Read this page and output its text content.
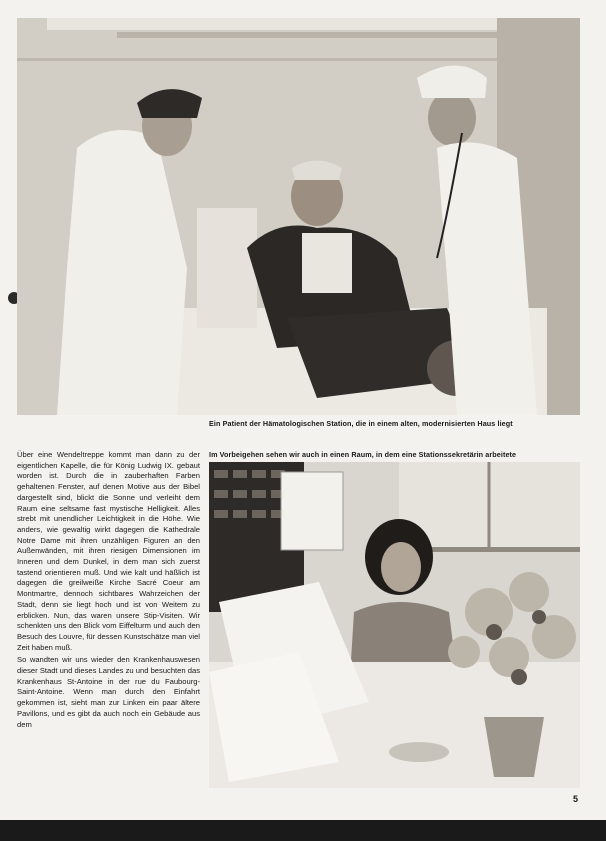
Ein Patient der Hämatologischen Station, die in einem alten, modernisierten Haus liegt
Im Vorbeigehen sehen wir auch in einen Raum, in dem eine Stationssekretärin arbeitete

Über eine Wendeltreppe kommt man dann zu der eigentlichen Kapelle, die für König Ludwig IX. gebaut worden ist. Durch die in zauberhaften Farben gehaltenen Fenster, auf denen Motive aus der Bibel dargestellt sind, blickt die Sonne und verleiht dem Raum eine seltsame fast mystische Helligkeit. Alles strebt mit unendlicher Leichtigkeit in die Höhe. Wie anders, wie gewaltig wirkt dagegen die Kathedrale Notre Dame mit ihren unzähligen Figuren an den Außenwänden, mit ihren riesigen Dimensionen im Inneren und dem Dunkel, in dem man sich zuerst tastend orientieren muß. Und wie kalt und häßlich ist dagegen die greilweiße Kirche Sacré Coeur am Montmartre, dennoch sichtbares Wahrzeichen der Stadt, denn sie liegt hoch und ist von Weitem zu erblicken. Nun, das waren unsere Stip-Visiten. Wir schenkten uns den Blick vom Eiffelturm und auch den Besuch des Louvre, für dessen Kunstschätze man viel Zeit haben muß.

So wandten wir uns wieder den Krankenhauswesen dieser Stadt und dieses Landes zu und besuchten das Krankenhaus St-Antoine in der rue du Faubourg-Saint-Antoine. Wenn man durch den Einfahrt gekommen ist, sieht man zur Linken ein paar ältere Pavillons, und es gibt da auch noch ein Gebäude aus dem

5
